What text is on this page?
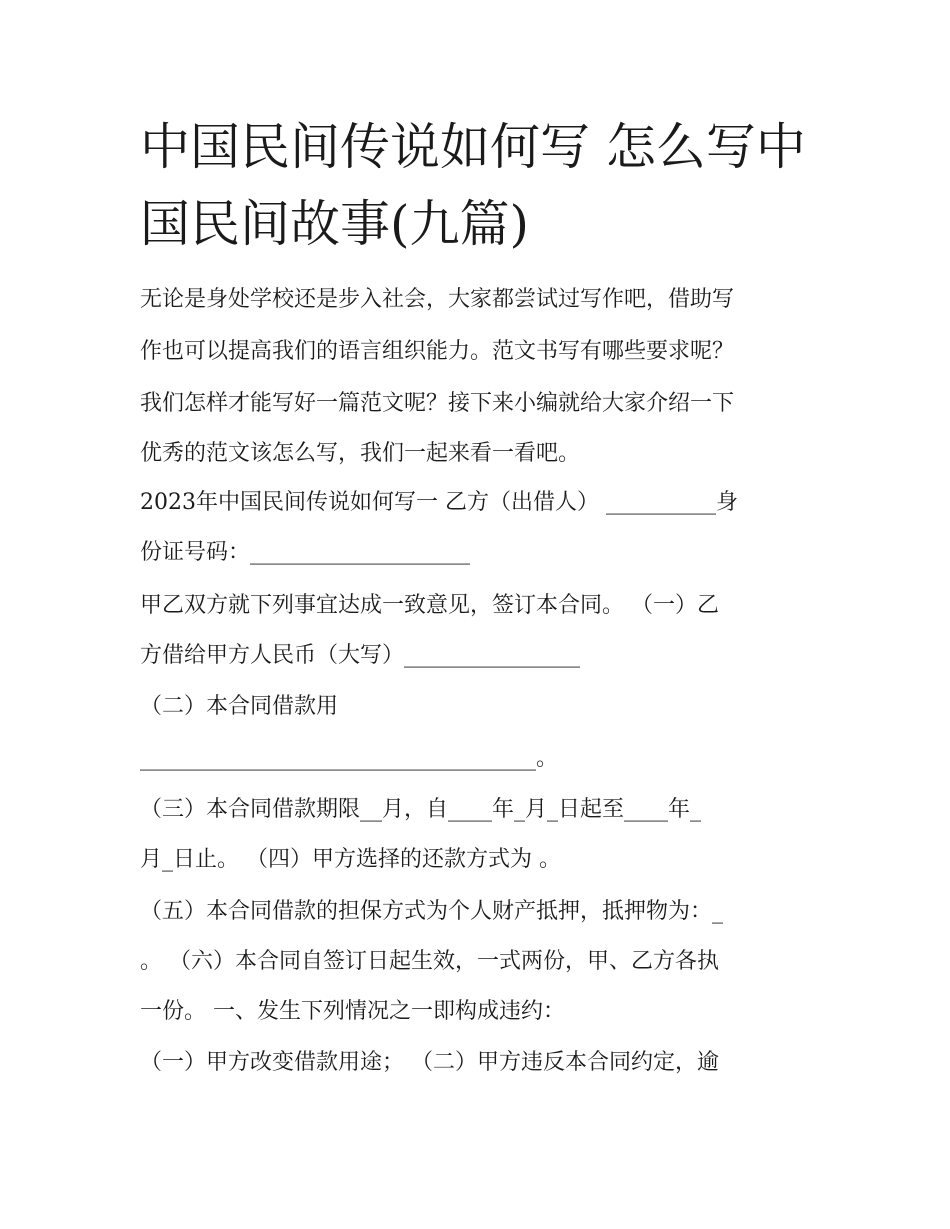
中国民间传说如何写 怎么写中
国民间故事(九篇)

无论是身处学校还是步入社会，大家都尝试过写作吧，借助写

作也可以提高我们的语言组织能力。范文书写有哪些要求呢？

我们怎样才能写好一篇范文呢？接下来小编就给大家介绍一下

优秀的范文该怎么写，我们一起来看一看吧。

2023年中国民间传说如何写一 乙方（出借人） __________身

份证号码：____________________

甲乙双方就下列事宜达成一致意见，签订本合同。 （一）乙

方借给甲方人民币（大写）________________

（二）本合同借款用

____________________________________。

（三）本合同借款期限__月，自____年_月_日起至____年_

月_日止。 （四）甲方选择的还款方式为 。

（五）本合同借款的担保方式为个人财产抵押，抵押物为：_

。 （六）本合同自签订日起生效，一式两份，甲、乙方各执

一份。 一、发生下列情况之一即构成违约：

（一）甲方改变借款用途； （二）甲方违反本合同约定，逾
